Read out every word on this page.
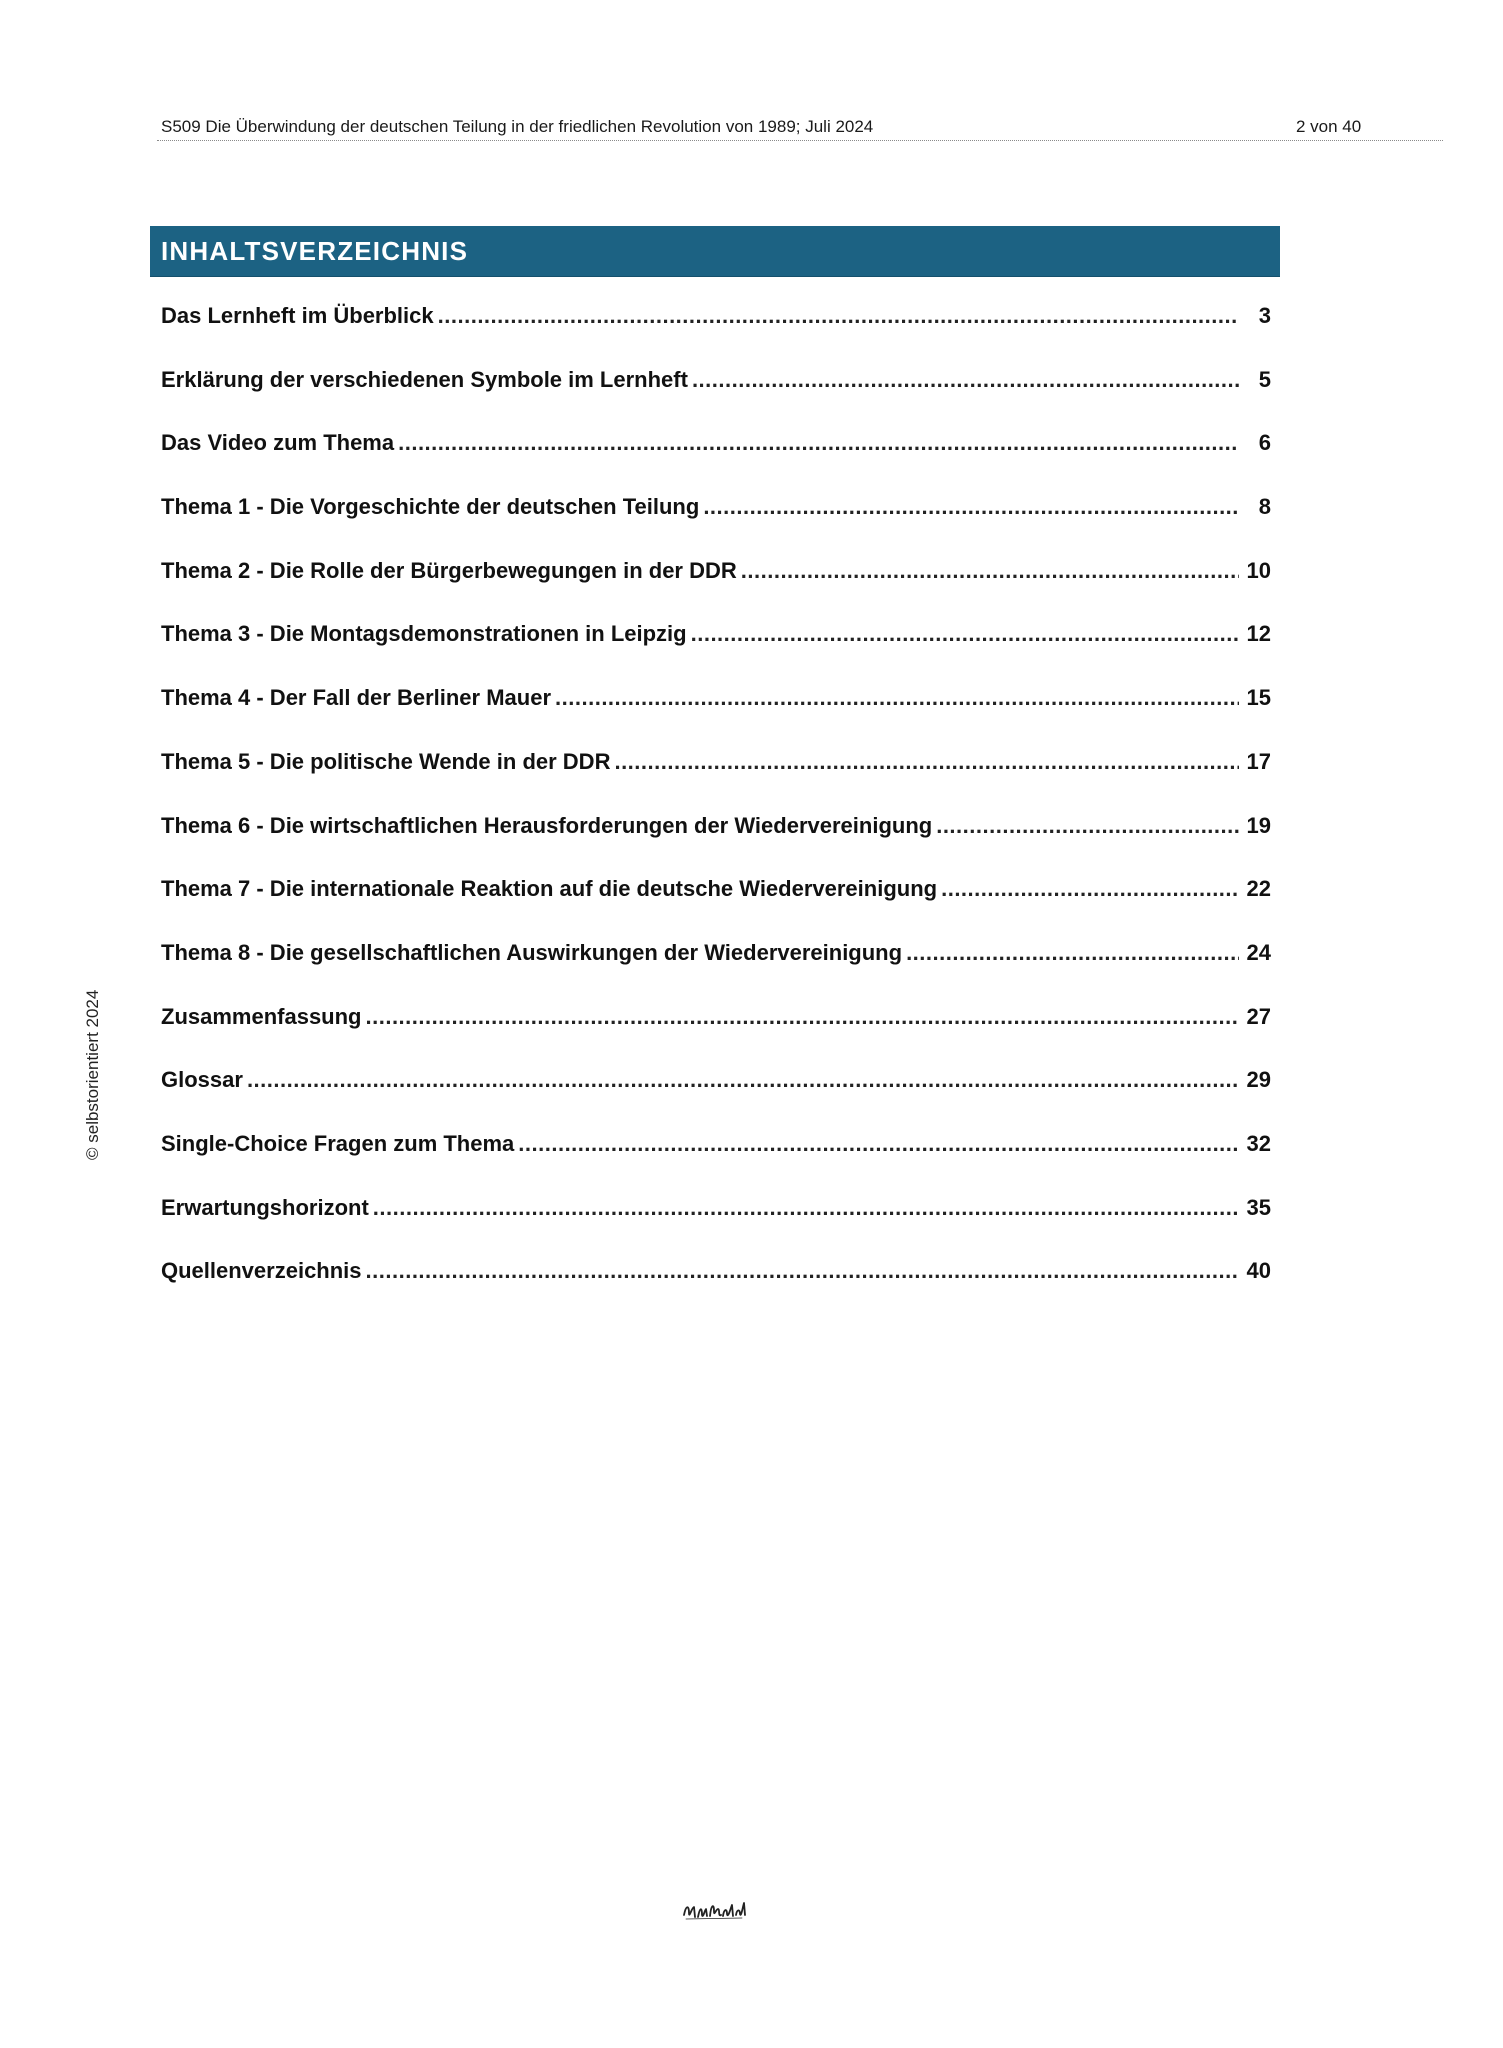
S509 Die Überwindung der deutschen Teilung in der friedlichen Revolution von 1989; Juli 2024	2 von 40
INHALTSVERZEICHNIS
Das Lernheft im Überblick .....	3
Erklärung der verschiedenen Symbole im Lernheft .....	5
Das Video zum Thema .....	6
Thema 1 - Die Vorgeschichte der deutschen Teilung .....	8
Thema 2 - Die Rolle der Bürgerbewegungen in der DDR .....	10
Thema 3 - Die Montagsdemonstrationen in Leipzig .....	12
Thema 4 - Der Fall der Berliner Mauer .....	15
Thema 5 - Die politische Wende in der DDR .....	17
Thema 6 - Die wirtschaftlichen Herausforderungen der Wiedervereinigung .....	19
Thema 7 - Die internationale Reaktion auf die deutsche Wiedervereinigung .....	22
Thema 8 - Die gesellschaftlichen Auswirkungen der Wiedervereinigung .....	24
Zusammenfassung .....	27
Glossar .....	29
Single-Choice Fragen zum Thema .....	32
Erwartungshorizont .....	35
Quellenverzeichnis .....	40
© selbstorientiert 2024
